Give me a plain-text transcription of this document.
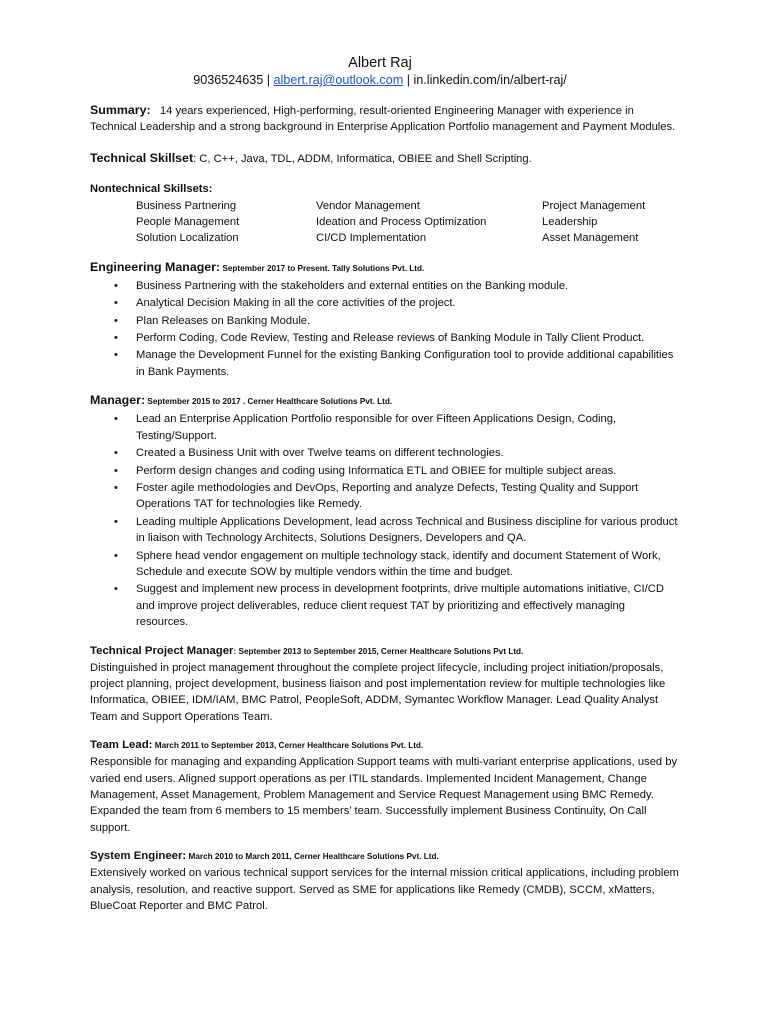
Albert Raj
9036524635 | albert.raj@outlook.com | in.linkedin.com/in/albert-raj/
Summary: 14 years experienced, High-performing, result-oriented Engineering Manager with experience in Technical Leadership and a strong background in Enterprise Application Portfolio management and Payment Modules.
Technical Skillset: C, C++, Java, TDL, ADDM, Informatica, OBIEE and Shell Scripting.
Nontechnical Skillsets:
Business Partnering	Vendor Management	Project Management
People Management	Ideation and Process Optimization	Leadership
Solution Localization	CI/CD Implementation	Asset Management
Engineering Manager: September 2017 to Present. Tally Solutions Pvt. Ltd.
• Business Partnering with the stakeholders and external entities on the Banking module.
• Analytical Decision Making in all the core activities of the project.
• Plan Releases on Banking Module.
• Perform Coding, Code Review, Testing and Release reviews of Banking Module in Tally Client Product.
• Manage the Development Funnel for the existing Banking Configuration tool to provide additional capabilities in Bank Payments.
Manager: September 2015 to 2017 . Cerner Healthcare Solutions Pvt. Ltd.
• Lead an Enterprise Application Portfolio responsible for over Fifteen Applications Design, Coding, Testing/Support.
• Created a Business Unit with over Twelve teams on different technologies.
• Perform design changes and coding using Informatica ETL and OBIEE for multiple subject areas.
• Foster agile methodologies and DevOps, Reporting and analyze Defects, Testing Quality and Support Operations TAT for technologies like Remedy.
• Leading multiple Applications Development, lead across Technical and Business discipline for various product in liaison with Technology Architects, Solutions Designers, Developers and QA.
• Sphere head vendor engagement on multiple technology stack, identify and document Statement of Work, Schedule and execute SOW by multiple vendors within the time and budget.
• Suggest and implement new process in development footprints, drive multiple automations initiative, CI/CD and improve project deliverables, reduce client request TAT by prioritizing and effectively managing resources.
Technical Project Manager: September 2013 to September 2015, Cerner Healthcare Solutions Pvt Ltd.

Distinguished in project management throughout the complete project lifecycle, including project initiation/proposals, project planning, project development, business liaison and post implementation review for multiple technologies like Informatica, OBIEE, IDM/IAM, BMC Patrol, PeopleSoft, ADDM, Symantec Workflow Manager. Lead Quality Analyst Team and Support Operations Team.

Team Lead: March 2011 to September 2013, Cerner Healthcare Solutions Pvt. Ltd.

Responsible for managing and expanding Application Support teams with multi-variant enterprise applications, used by varied end users. Aligned support operations as per ITIL standards. Implemented Incident Management, Change Management, Asset Management, Problem Management and Service Request Management using BMC Remedy. Expanded the team from 6 members to 15 members’ team. Successfully implement Business Continuity, On Call support.

System Engineer: March 2010 to March 2011, Cerner Healthcare Solutions Pvt. Ltd.

Extensively worked on various technical support services for the internal mission critical applications, including problem analysis, resolution, and reactive support. Served as SME for applications like Remedy (CMDB), SCCM, xMatters, BlueCoat Reporter and BMC Patrol.
